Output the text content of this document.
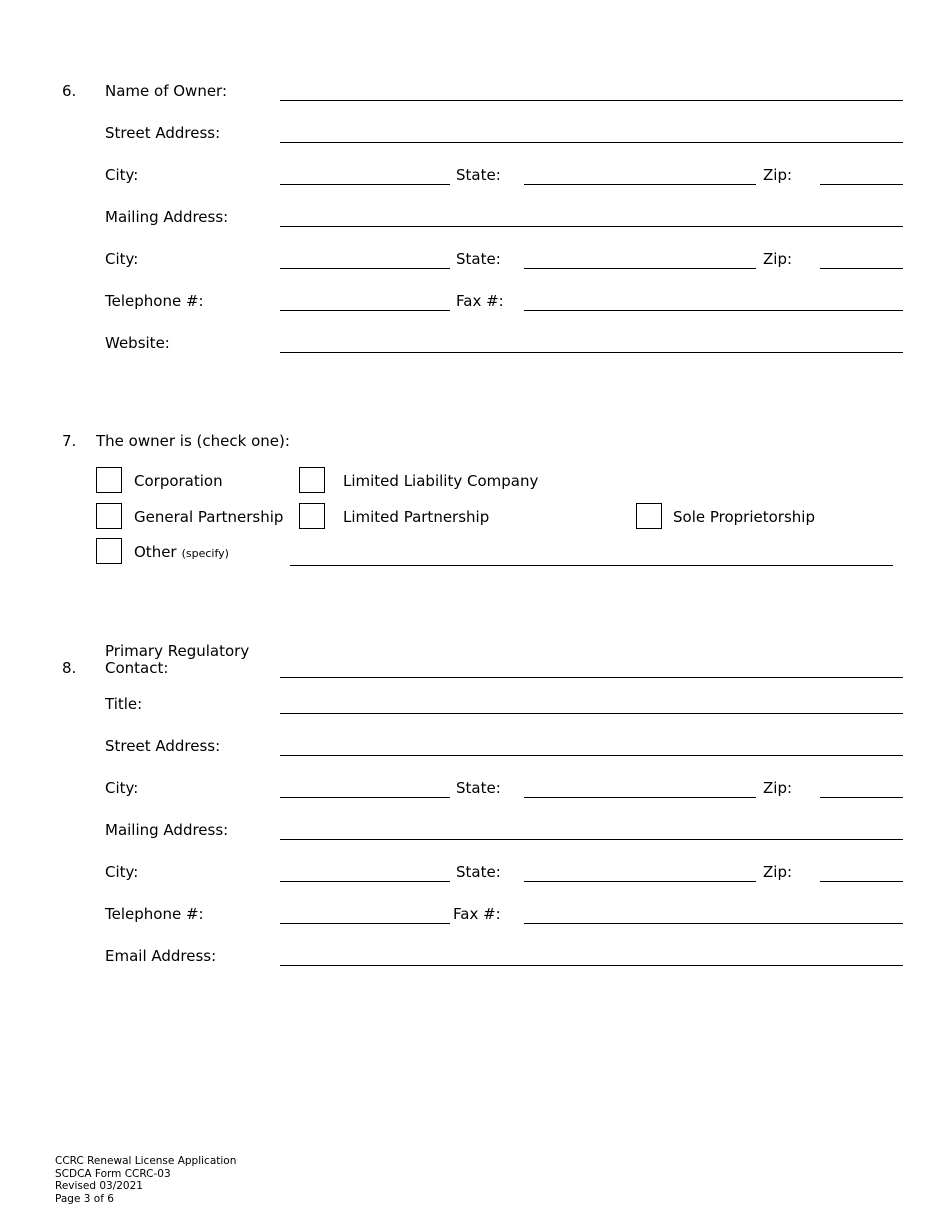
6. Name of Owner:
Street Address:
City:	State:	Zip:
Mailing Address:
City:	State:	Zip:
Telephone #:	Fax #:
Website:
7. The owner is (check one):
Corporation	Limited Liability Company
General Partnership	Limited Partnership	Sole Proprietorship
Other (specify)
8.
Primary Regulatory
Contact:
Title:
Street Address:
City:	State:	Zip:
Mailing Address:
City:	State:	Zip:
Telephone #:	Fax #:
Email Address:
CCRC Renewal License Application
SCDCA Form CCRC-03
Revised 03/2021
Page 3 of 6
